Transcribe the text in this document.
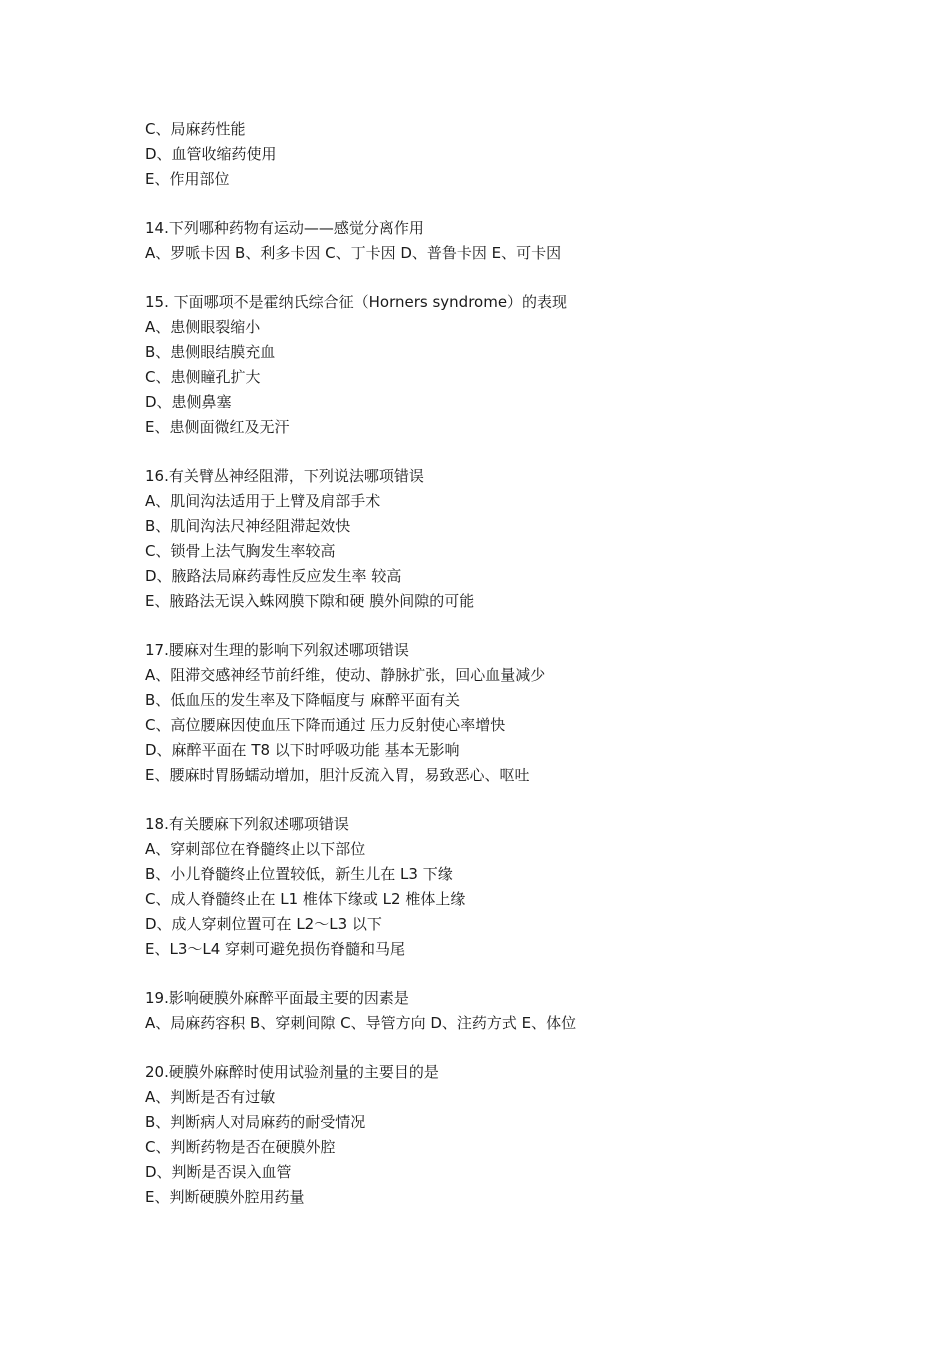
C、局麻药性能
D、血管收缩药使用
E、作用部位
14.下列哪种药物有运动——感觉分离作用
A、罗哌卡因 B、利多卡因 C、丁卡因 D、普鲁卡因 E、可卡因
15. 下面哪项不是霍纳氏综合征（Horners syndrome）的表现
A、患侧眼裂缩小
B、患侧眼结膜充血
C、患侧瞳孔扩大
D、患侧鼻塞
E、患侧面微红及无汗
16.有关臂丛神经阻滞，下列说法哪项错误
A、肌间沟法适用于上臂及肩部手术
B、肌间沟法尺神经阻滞起效快
C、锁骨上法气胸发生率较高
D、腋路法局麻药毒性反应发生率 较高
E、腋路法无误入蛛网膜下隙和硬 膜外间隙的可能
17.腰麻对生理的影响下列叙述哪项错误
A、阻滞交感神经节前纤维，使动、静脉扩张，回心血量减少
B、低血压的发生率及下降幅度与 麻醉平面有关
C、高位腰麻因使血压下降而通过 压力反射使心率增快
D、麻醉平面在 T8 以下时呼吸功能 基本无影响
E、腰麻时胃肠蠕动增加，胆汁反流入胃，易致恶心、呕吐
18.有关腰麻下列叙述哪项错误
A、穿刺部位在脊髓终止以下部位
B、小儿脊髓终止位置较低，新生儿在 L3 下缘
C、成人脊髓终止在 L1 椎体下缘或 L2 椎体上缘
D、成人穿刺位置可在 L2～L3 以下
E、L3～L4 穿刺可避免损伤脊髓和马尾
19.影响硬膜外麻醉平面最主要的因素是
A、局麻药容积 B、穿刺间隙 C、导管方向 D、注药方式 E、体位
20.硬膜外麻醉时使用试验剂量的主要目的是
A、判断是否有过敏
B、判断病人对局麻药的耐受情况
C、判断药物是否在硬膜外腔
D、判断是否误入血管
E、判断硬膜外腔用药量
